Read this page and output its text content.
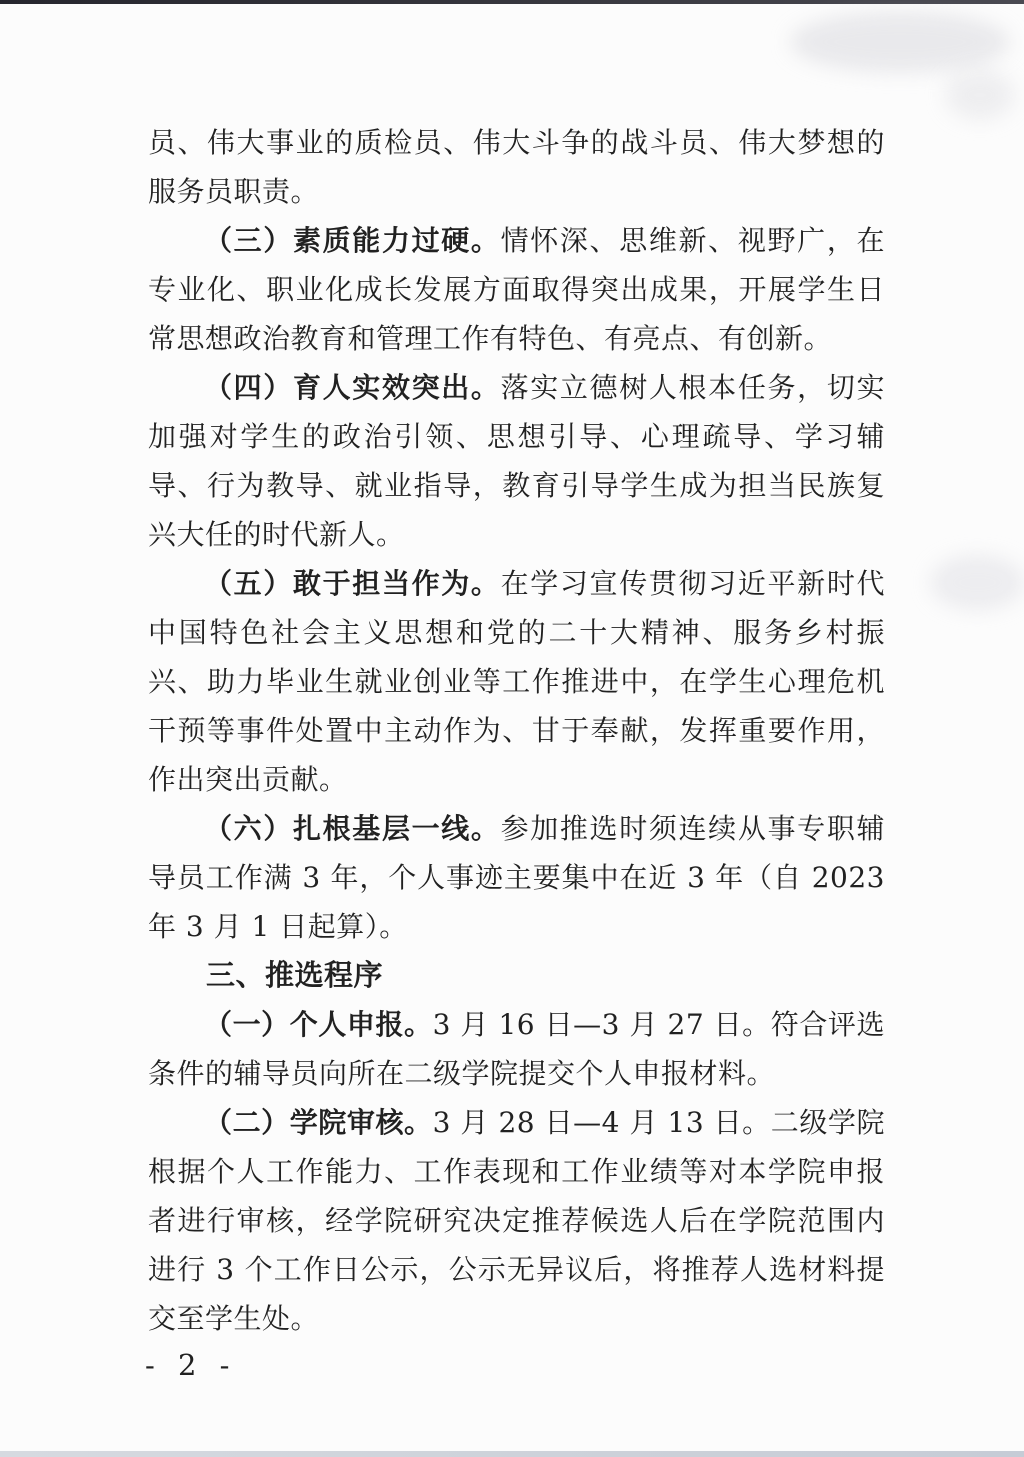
员、伟大事业的质检员、伟大斗争的战斗员、伟大梦想的服务员职责。

（三）素质能力过硬。情怀深、思维新、视野广，在专业化、职业化成长发展方面取得突出成果，开展学生日常思想政治教育和管理工作有特色、有亮点、有创新。

（四）育人实效突出。落实立德树人根本任务，切实加强对学生的政治引领、思想引导、心理疏导、学习辅导、行为教导、就业指导，教育引导学生成为担当民族复兴大任的时代新人。

（五）敢于担当作为。在学习宣传贯彻习近平新时代中国特色社会主义思想和党的二十大精神、服务乡村振兴、助力毕业生就业创业等工作推进中，在学生心理危机干预等事件处置中主动作为、甘于奉献，发挥重要作用，作出突出贡献。

（六）扎根基层一线。参加推选时须连续从事专职辅导员工作满 3 年，个人事迹主要集中在近 3 年（自 2023 年 3 月 1 日起算）。

三、推选程序

（一）个人申报。3 月 16 日—3 月 27 日。符合评选条件的辅导员向所在二级学院提交个人申报材料。

（二）学院审核。3 月 28 日—4 月 13 日。二级学院根据个人工作能力、工作表现和工作业绩等对本学院申报者进行审核，经学院研究决定推荐候选人后在学院范围内进行 3 个工作日公示，公示无异议后，将推荐人选材料提交至学生处。

- 2 -
